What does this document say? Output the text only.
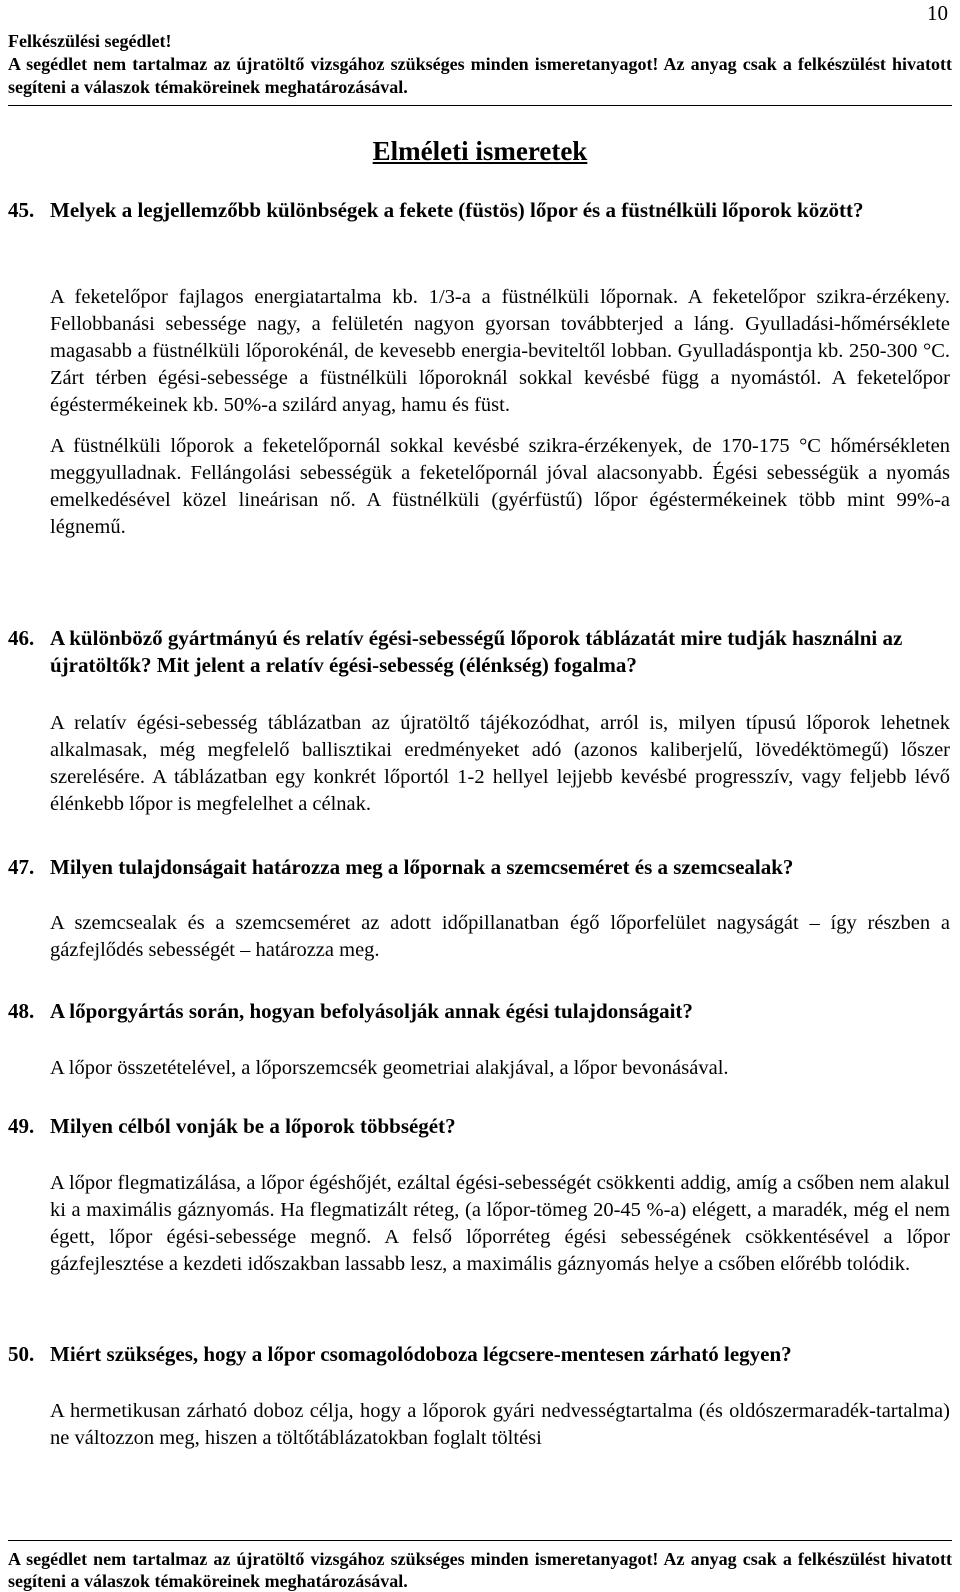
10

Felkészülési segédlet!

A segédlet nem tartalmaz az újratöltő vizsgához szükséges minden ismeretanyagot! Az anyag csak a felkészülést hivatott segíteni a válaszok témaköreinek meghatározásával.

Elméleti ismeretek
45. Melyek a legjellemzőbb különbségek a fekete (füstös) lőpor és a füstnélküli lőporok között?

A feketelőpor fajlagos energiatartalma kb. 1/3-a a füstnélküli lőpornak. A feketelőpor szikra-érzékeny. Fellobbanási sebessége nagy, a felületén nagyon gyorsan továbbterjed a láng. Gyulladási-hőmérséklete magasabb a füstnélküli lőporokénál, de kevesebb energia-beviteltől lobban. Gyulladáspontja kb. 250-300 °C. Zárt térben égési-sebessége a füstnélküli lőporoknál sokkal kevésbé függ a nyomástól. A feketelőpor égéstermékeinek kb. 50%-a szilárd anyag, hamu és füst.

A füstnélküli lőporok a feketelőpornál sokkal kevésbé szikra-érzékenyek, de 170-175 °C hőmérsékleten meggyulladnak. Fellángolási sebességük a feketelőpornál jóval alacsonyabb. Égési sebességük a nyomás emelkedésével közel lineárisan nő. A füstnélküli (gyérfüstű) lőpor égéstermékeinek több mint 99%-a légnemű.

46. A különböző gyártmányú és relatív égési-sebességű lőporok táblázatát mire tudják használni az újratöltők? Mit jelent a relatív égési-sebesség (élénkség) fogalma?

A relatív égési-sebesség táblázatban az újratöltő tájékozódhat, arról is, milyen típusú lőporok lehetnek alkalmasak, még megfelelő ballisztikai eredményeket adó (azonos kaliberjelű, lövedéktömegű) lőszer szerelésére. A táblázatban egy konkrét lőportól 1-2 hellyel lejjebb kevésbé progresszív, vagy feljebb lévő élénkebb lőpor is megfelelhet a célnak.

47. Milyen tulajdonságait határozza meg a lőpornak a szemcseméret és a szemcsealak?

A szemcsealak és a szemcseméret az adott időpillanatban égő lőporfelület nagyságát – így részben a gázfejlődés sebességét – határozza meg.

48. A lőporgyártás során, hogyan befolyásolják annak égési tulajdonságait?

A lőpor összetételével, a lőporszemcsék geometriai alakjával, a lőpor bevonásával.

49. Milyen célból vonják be a lőporok többségét?

A lőpor flegmatizálása, a lőpor égéshőjét, ezáltal égési-sebességét csökkenti addig, amíg a csőben nem alakul ki a maximális gáznyomás. Ha flegmatizált réteg, (a lőpor-tömeg 20-45 %-a) elégett, a maradék, még el nem égett, lőpor égési-sebessége megnő. A felső lőporréteg égési sebességének csökkentésével a lőpor gázfejlesztése a kezdeti időszakban lassabb lesz, a maximális gáznyomás helye a csőben előrébb tolódik.

50. Miért szükséges, hogy a lőpor csomagolódoboza légcsere-mentesen zárható legyen?

A hermetikusan zárható doboz célja, hogy a lőporok gyári nedvességtartalma (és oldószermaradék-tartalma) ne változzon meg, hiszen a töltőtáblázatokban foglalt töltési

A segédlet nem tartalmaz az újratöltő vizsgához szükséges minden ismeretanyagot! Az anyag csak a felkészülést hivatott segíteni a válaszok témaköreinek meghatározásával.
